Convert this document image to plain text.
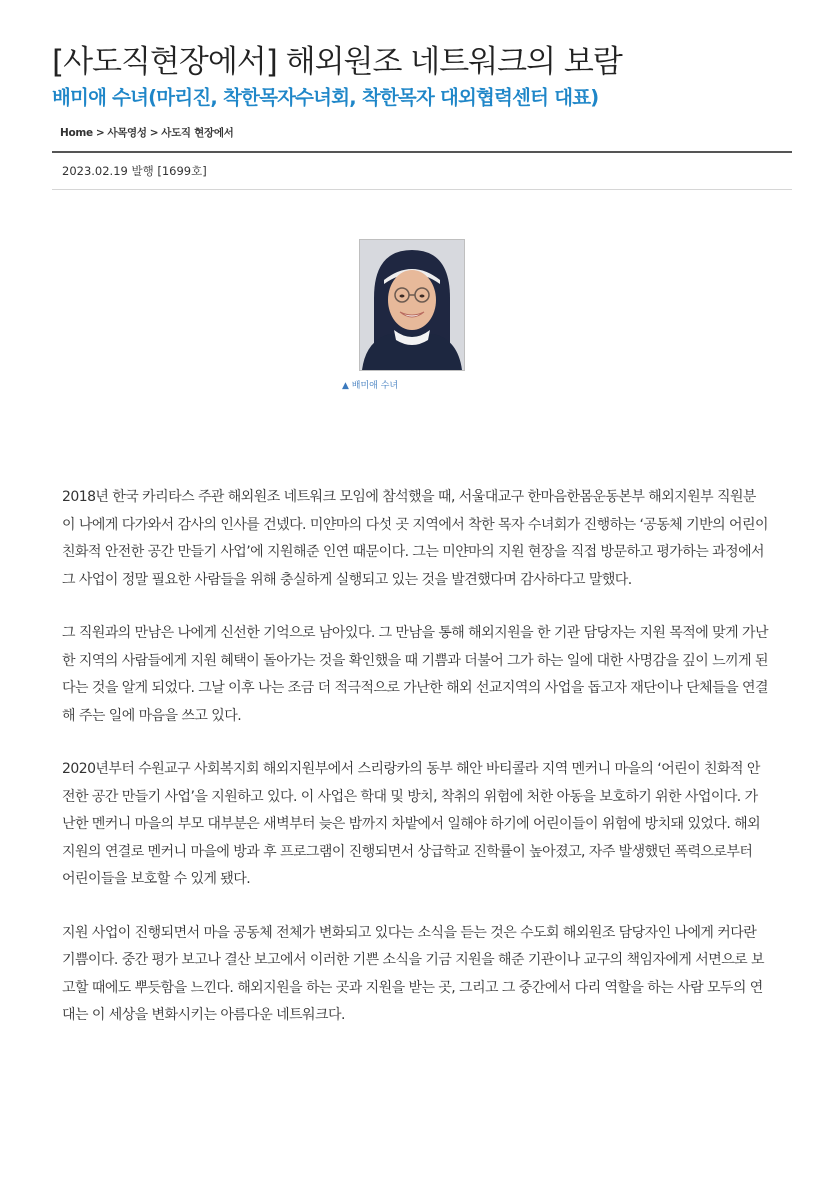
[사도직현장에서] 해외원조 네트워크의 보람
배미애 수녀(마리진, 착한목자수녀회, 착한목자 대외협력센터 대표)
Home > 사목영성 > 사도직 현장에서
2023.02.19 발행 [1699호]
▲ 배미애 수녀

2018년 한국 카리타스 주관 해외원조 네트워크 모임에 참석했을 때, 서울대교구 한마음한몸운동본부 해외지원부 직원분이 나에게 다가와서 감사의 인사를 건넸다. 미얀마의 다섯 곳 지역에서 착한 목자 수녀회가 진행하는 ‘공동체 기반의 어린이 친화적 안전한 공간 만들기 사업’에 지원해준 인연 때문이다. 그는 미얀마의 지원 현장을 직접 방문하고 평가하는 과정에서 그 사업이 정말 필요한 사람들을 위해 충실하게 실행되고 있는 것을 발견했다며 감사하다고 말했다.

그 직원과의 만남은 나에게 신선한 기억으로 남아있다. 그 만남을 통해 해외지원을 한 기관 담당자는 지원 목적에 맞게 가난한 지역의 사람들에게 지원 혜택이 돌아가는 것을 확인했을 때 기쁨과 더불어 그가 하는 일에 대한 사명감을 깊이 느끼게 된다는 것을 알게 되었다. 그날 이후 나는 조금 더 적극적으로 가난한 해외 선교지역의 사업을 돕고자 재단이나 단체들을 연결해 주는 일에 마음을 쓰고 있다.

2020년부터 수원교구 사회복지회 해외지원부에서 스리랑카의 동부 해안 바티콜라 지역 멘커니 마을의 ‘어린이 친화적 안전한 공간 만들기 사업’을 지원하고 있다. 이 사업은 학대 및 방치, 착취의 위험에 처한 아동을 보호하기 위한 사업이다. 가난한 멘커니 마을의 부모 대부분은 새벽부터 늦은 밤까지 차밭에서 일해야 하기에 어린이들이 위험에 방치돼 있었다. 해외지원의 연결로 멘커니 마을에 방과 후 프로그램이 진행되면서 상급학교 진학률이 높아졌고, 자주 발생했던 폭력으로부터 어린이들을 보호할 수 있게 됐다.

지원 사업이 진행되면서 마을 공동체 전체가 변화되고 있다는 소식을 듣는 것은 수도회 해외원조 담당자인 나에게 커다란 기쁨이다. 중간 평가 보고나 결산 보고에서 이러한 기쁜 소식을 기금 지원을 해준 기관이나 교구의 책임자에게 서면으로 보고할 때에도 뿌듯함을 느낀다. 해외지원을 하는 곳과 지원을 받는 곳, 그리고 그 중간에서 다리 역할을 하는 사람 모두의 연대는 이 세상을 변화시키는 아름다운 네트워크다.
